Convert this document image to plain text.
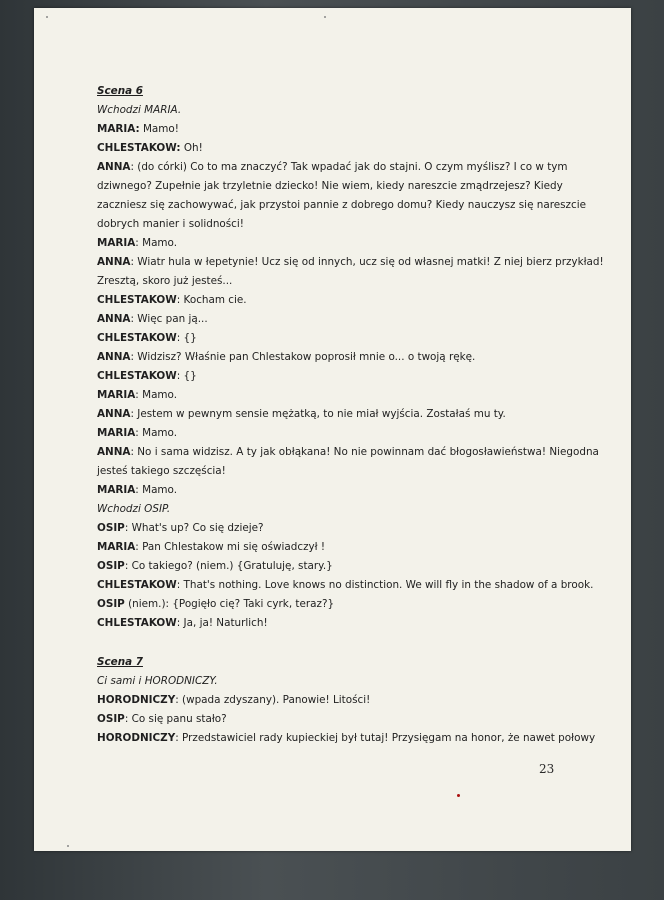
Scena 6
Wchodzi MARIA.
MARIA: Mamo!
CHLESTAKOW: Oh!
ANNA: (do córki) Co to ma znaczyć? Tak wpadać jak do stajni. O czym myślisz? I co w tym
dziwnego? Zupełnie jak trzyletnie dziecko! Nie wiem, kiedy nareszcie zmądrzejesz? Kiedy
zaczniesz się zachowywać, jak przystoi pannie z dobrego domu? Kiedy nauczysz się nareszcie
dobrych manier i solidności!
MARIA: Mamo.
ANNA: Wiatr hula w łepetynie! Ucz się od innych, ucz się od własnej matki! Z niej bierz przykład!
Zresztą, skoro już jesteś...
CHLESTAKOW: Kocham cie.
ANNA: Więc pan ją...
CHLESTAKOW: {}
ANNA: Widzisz? Właśnie pan Chlestakow poprosił mnie o... o twoją rękę.
CHLESTAKOW: {}
MARIA: Mamo.
ANNA: Jestem w pewnym sensie mężatką, to nie miał wyjścia. Zostałaś mu ty.
MARIA: Mamo.
ANNA: No i sama widzisz. A ty jak obłąkana! No nie powinnam dać błogosławieństwa! Niegodna
jesteś takiego szczęścia!
MARIA: Mamo.
Wchodzi OSIP.
OSIP: What's up? Co się dzieje?
MARIA: Pan Chlestakow mi się oświadczył !
OSIP: Co takiego? (niem.) {Gratuluję, stary.}
CHLESTAKOW: That's nothing. Love knows no distinction. We will fly in the shadow of a brook.
OSIP (niem.): {Pogięło cię? Taki cyrk, teraz?}
CHLESTAKOW: Ja, ja! Naturlich!
Scena 7
Ci sami i HORODNICZY.
HORODNICZY: (wpada zdyszany). Panowie! Litości!
OSIP: Co się panu stało?
HORODNICZY: Przedstawiciel rady kupieckiej był tutaj! Przysięgam na honor, że nawet połowy
23
